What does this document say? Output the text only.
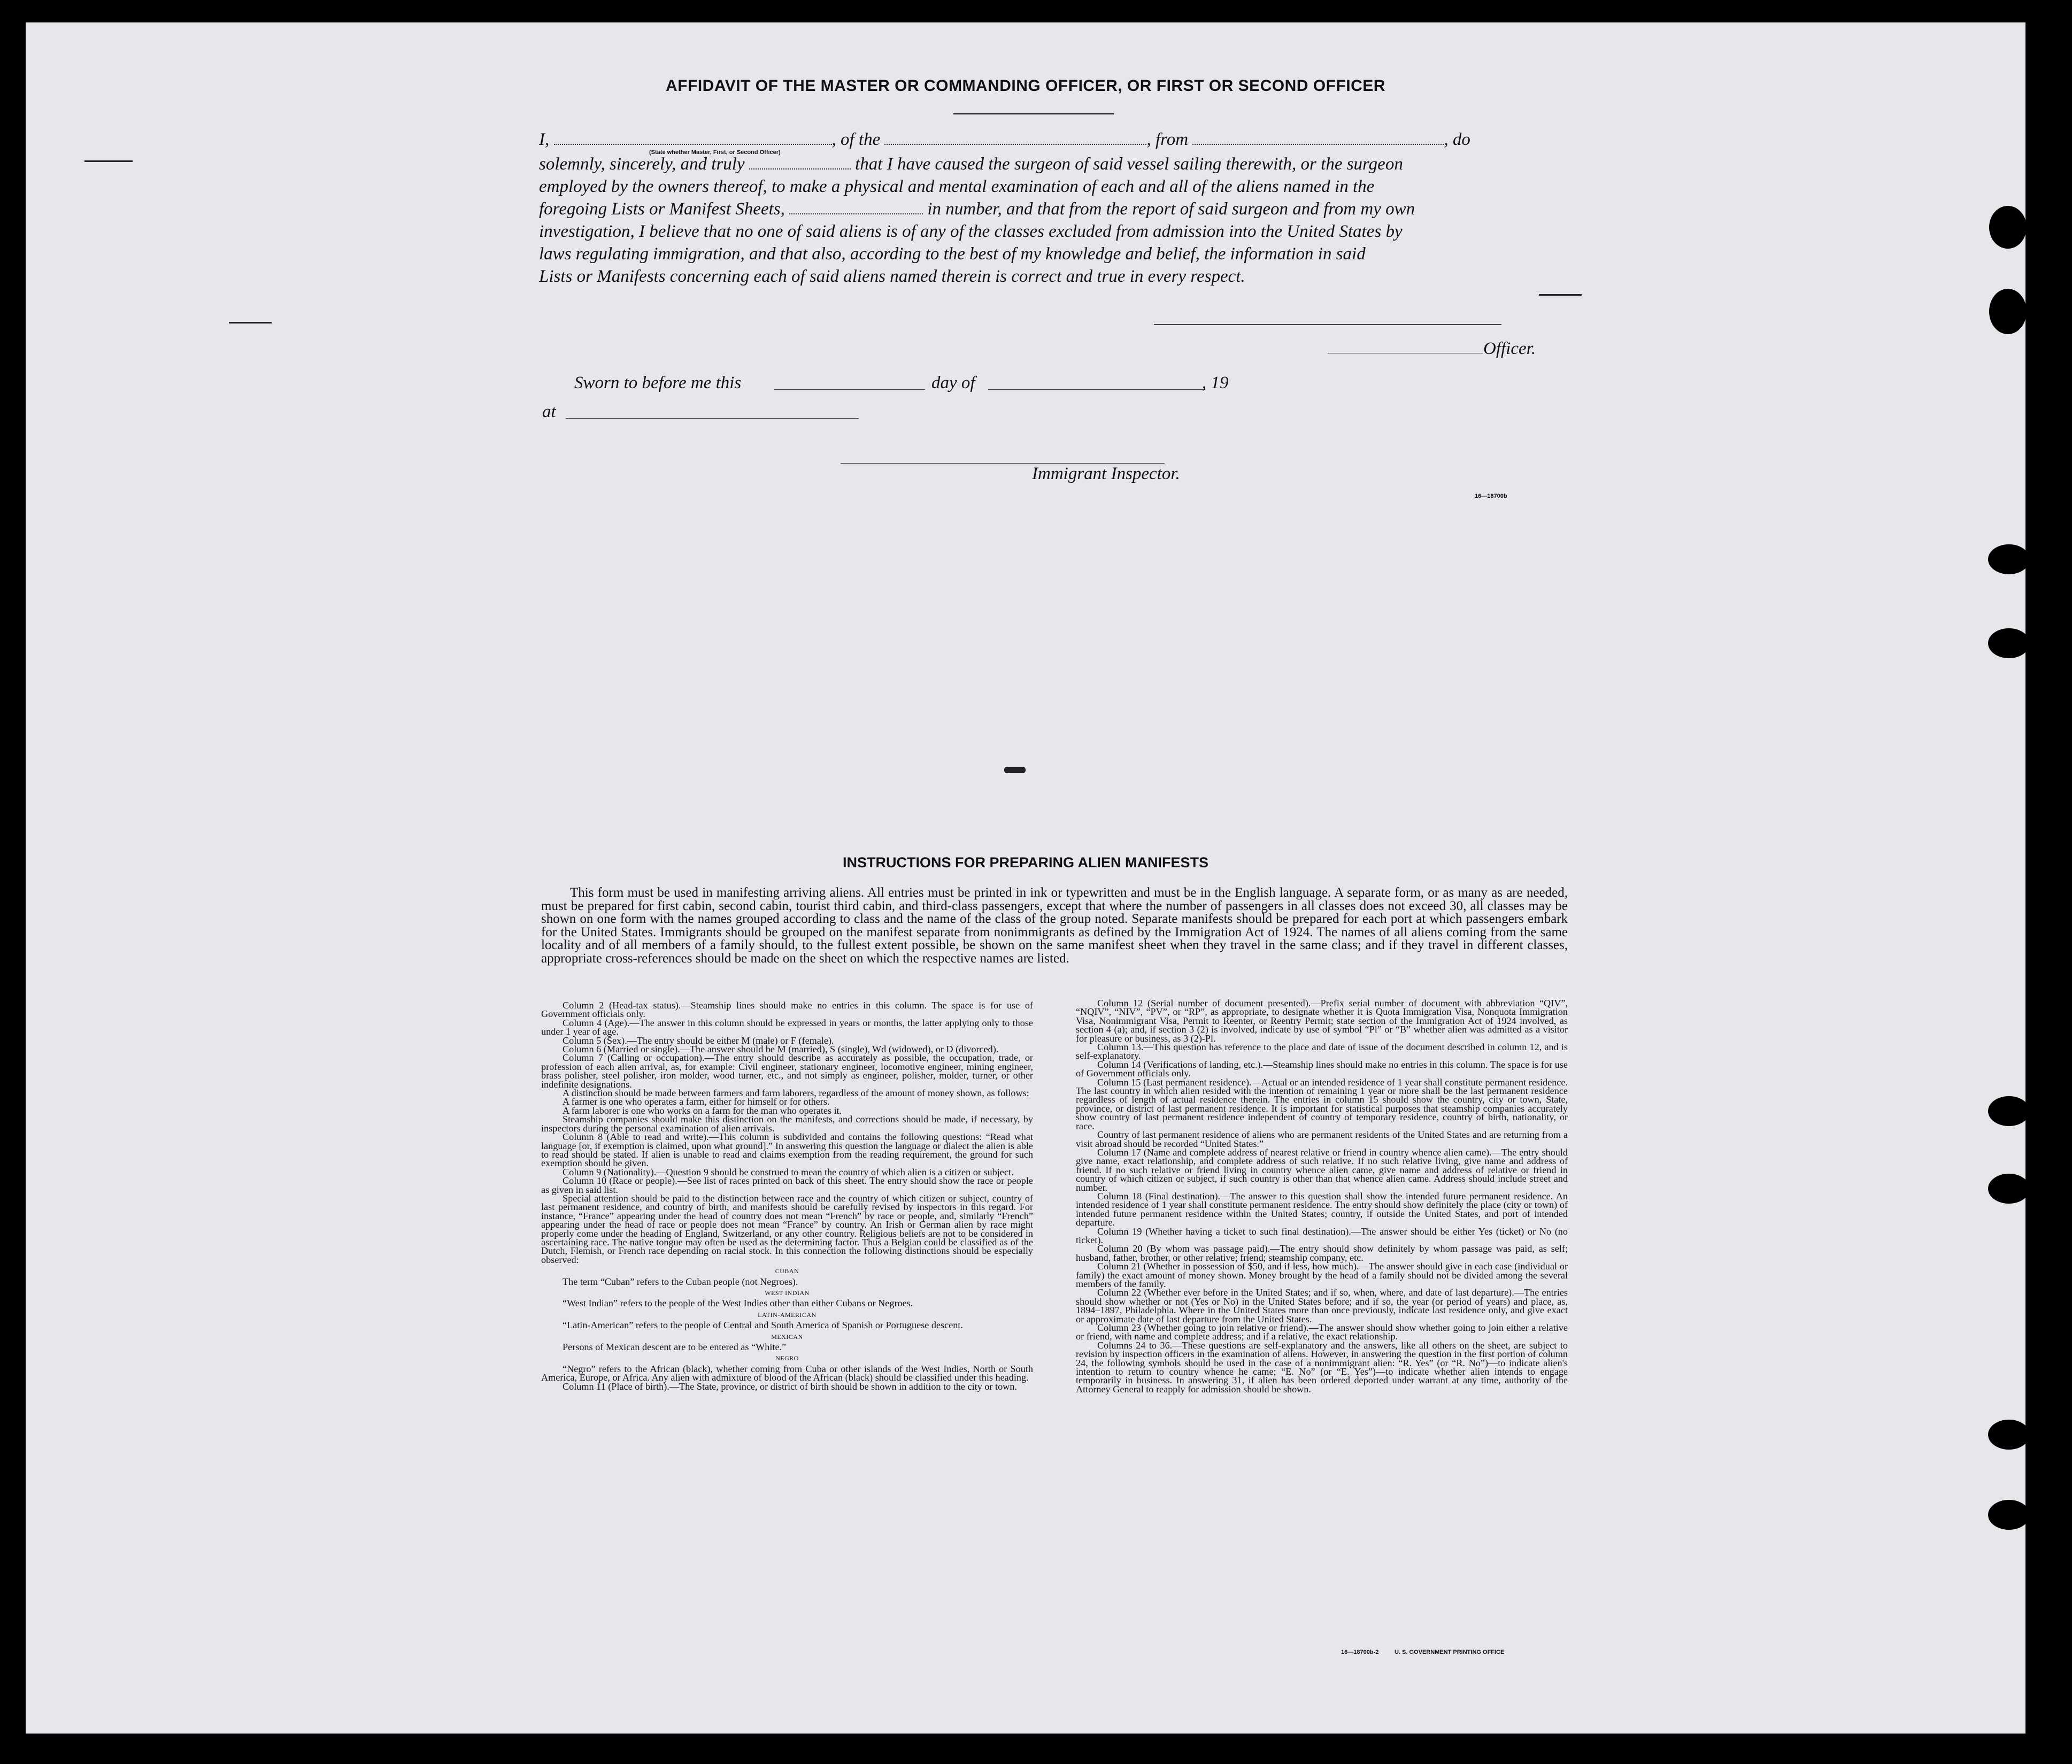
AFFIDAVIT OF THE MASTER OR COMMANDING OFFICER, OR FIRST OR SECOND OFFICER
I,	, of the	, from	, do
(State whether Master, First, or Second Officer)
solemnly, sincerely, and truly	that I have caused the surgeon of said vessel sailing therewith, or the surgeon
employed by the owners thereof, to make a physical and mental examination of each and all of the aliens named in the
foregoing Lists or Manifest Sheets,	in number, and that from the report of said surgeon and from my own
investigation, I believe that no one of said aliens is of any of the classes excluded from admission into the United States by
laws regulating immigration, and that also, according to the best of my knowledge and belief, the information in said
Lists or Manifests concerning each of said aliens named therein is correct and true in every respect.
Officer.
Sworn to before me this	day of	, 19
at
Immigrant Inspector.
16—18700b
INSTRUCTIONS FOR PREPARING ALIEN MANIFESTS

This form must be used in manifesting arriving aliens. All entries must be printed in ink or typewritten and must be in the English language. A separate form, or as many as are needed, must be prepared for first cabin, second cabin, tourist third cabin, and third-class passengers, except that where the number of passengers in all classes does not exceed 30, all classes may be shown on one form with the names grouped according to class and the name of the class of the group noted. Separate manifests should be prepared for each port at which passengers embark for the United States. Immigrants should be grouped on the manifest separate from nonimmigrants as defined by the Immigration Act of 1924. The names of all aliens coming from the same locality and of all members of a family should, to the fullest extent possible, be shown on the same manifest sheet when they travel in the same class; and if they travel in different classes, appropriate cross-references should be made on the sheet on which the respective names are listed.

Column 2 (Head-tax status).—Steamship lines should make no entries in this column. The space is for use of Government officials only.

Column 4 (Age).—The answer in this column should be expressed in years or months, the latter applying only to those under 1 year of age.

Column 5 (Sex).—The entry should be either M (male) or F (female).

Column 6 (Married or single).—The answer should be M (married), S (single), Wd (widowed), or D (divorced).

Column 7 (Calling or occupation).—The entry should describe as accurately as possible, the occupation, trade, or profession of each alien arrival, as, for example: Civil engineer, stationary engineer, locomotive engineer, mining engineer, brass polisher, steel polisher, iron molder, wood turner, etc., and not simply as engineer, polisher, molder, turner, or other indefinite designations.

A distinction should be made between farmers and farm laborers, regardless of the amount of money shown, as follows:

A farmer is one who operates a farm, either for himself or for others.

A farm laborer is one who works on a farm for the man who operates it.

Steamship companies should make this distinction on the manifests, and corrections should be made, if necessary, by inspectors during the personal examination of alien arrivals.

Column 8 (Able to read and write).—This column is subdivided and contains the following questions: “Read what language [or, if exemption is claimed, upon what ground].” In answering this question the language or dialect the alien is able to read should be stated. If alien is unable to read and claims exemption from the reading requirement, the ground for such exemption should be given.

Column 9 (Nationality).—Question 9 should be construed to mean the country of which alien is a citizen or subject.

Column 10 (Race or people).—See list of races printed on back of this sheet. The entry should show the race or people as given in said list.

Special attention should be paid to the distinction between race and the country of which citizen or subject, country of last permanent residence, and country of birth, and manifests should be carefully revised by inspectors in this regard. For instance, “France” appearing under the head of country does not mean “French” by race or people, and, similarly “French” appearing under the head of race or people does not mean “France” by country. An Irish or German alien by race might properly come under the heading of England, Switzerland, or any other country. Religious beliefs are not to be considered in ascertaining race. The native tongue may often be used as the determining factor. Thus a Belgian could be classified as of the Dutch, Flemish, or French race depending on racial stock. In this connection the following distinctions should be especially observed:

CUBAN

The term “Cuban” refers to the Cuban people (not Negroes).

WEST INDIAN

“West Indian” refers to the people of the West Indies other than either Cubans or Negroes.

LATIN-AMERICAN

“Latin-American” refers to the people of Central and South America of Spanish or Portuguese descent.

MEXICAN

Persons of Mexican descent are to be entered as “White.”

NEGRO

“Negro” refers to the African (black), whether coming from Cuba or other islands of the West Indies, North or South America, Europe, or Africa. Any alien with admixture of blood of the African (black) should be classified under this heading.

Column 11 (Place of birth).—The State, province, or district of birth should be shown in addition to the city or town.

Column 12 (Serial number of document presented).—Prefix serial number of document with abbreviation “QIV”, “NQIV”, “NIV”, “PV”, or “RP”, as appropriate, to designate whether it is Quota Immigration Visa, Nonquota Immigration Visa, Nonimmigrant Visa, Permit to Reenter, or Reentry Permit; state section of the Immigration Act of 1924 involved, as section 4 (a); and, if section 3 (2) is involved, indicate by use of symbol “Pl” or “B” whether alien was admitted as a visitor for pleasure or business, as 3 (2)-Pl.

Column 13.—This question has reference to the place and date of issue of the document described in column 12, and is self-explanatory.

Column 14 (Verifications of landing, etc.).—Steamship lines should make no entries in this column. The space is for use of Government officials only.

Column 15 (Last permanent residence).—Actual or an intended residence of 1 year shall constitute permanent residence. The last country in which alien resided with the intention of remaining 1 year or more shall be the last permanent residence regardless of length of actual residence therein. The entries in column 15 should show the country, city or town, State, province, or district of last permanent residence. It is important for statistical purposes that steamship companies accurately show country of last permanent residence independent of country of temporary residence, country of birth, nationality, or race.

Country of last permanent residence of aliens who are permanent residents of the United States and are returning from a visit abroad should be recorded “United States.”

Column 17 (Name and complete address of nearest relative or friend in country whence alien came).—The entry should give name, exact relationship, and complete address of such relative. If no such relative living, give name and address of friend. If no such relative or friend living in country whence alien came, give name and address of relative or friend in country of which citizen or subject, if such country is other than that whence alien came. Address should include street and number.

Column 18 (Final destination).—The answer to this question shall show the intended future permanent residence. An intended residence of 1 year shall constitute permanent residence. The entry should show definitely the place (city or town) of intended future permanent residence within the United States; country, if outside the United States, and port of intended departure.

Column 19 (Whether having a ticket to such final destination).—The answer should be either Yes (ticket) or No (no ticket).

Column 20 (By whom was passage paid).—The entry should show definitely by whom passage was paid, as self; husband, father, brother, or other relative; friend; steamship company, etc.

Column 21 (Whether in possession of $50, and if less, how much).—The answer should give in each case (individual or family) the exact amount of money shown. Money brought by the head of a family should not be divided among the several members of the family.

Column 22 (Whether ever before in the United States; and if so, when, where, and date of last departure).—The entries should show whether or not (Yes or No) in the United States before; and if so, the year (or period of years) and place, as, 1894–1897, Philadelphia. Where in the United States more than once previously, indicate last residence only, and give exact or approximate date of last departure from the United States.

Column 23 (Whether going to join relative or friend).—The answer should show whether going to join either a relative or friend, with name and complete address; and if a relative, the exact relationship.

Columns 24 to 36.—These questions are self-explanatory and the answers, like all others on the sheet, are subject to revision by inspection officers in the examination of aliens. However, in answering the question in the first portion of column 24, the following symbols should be used in the case of a nonimmigrant alien: “R. Yes” (or “R. No”)—to indicate alien's intention to return to country whence he came; “E. No” (or “E. Yes”)—to indicate whether alien intends to engage temporarily in business. In answering 31, if alien has been ordered deported under warrant at any time, authority of the Attorney General to reapply for admission should be shown.

16—18700b-2	U. S. GOVERNMENT PRINTING OFFICE
